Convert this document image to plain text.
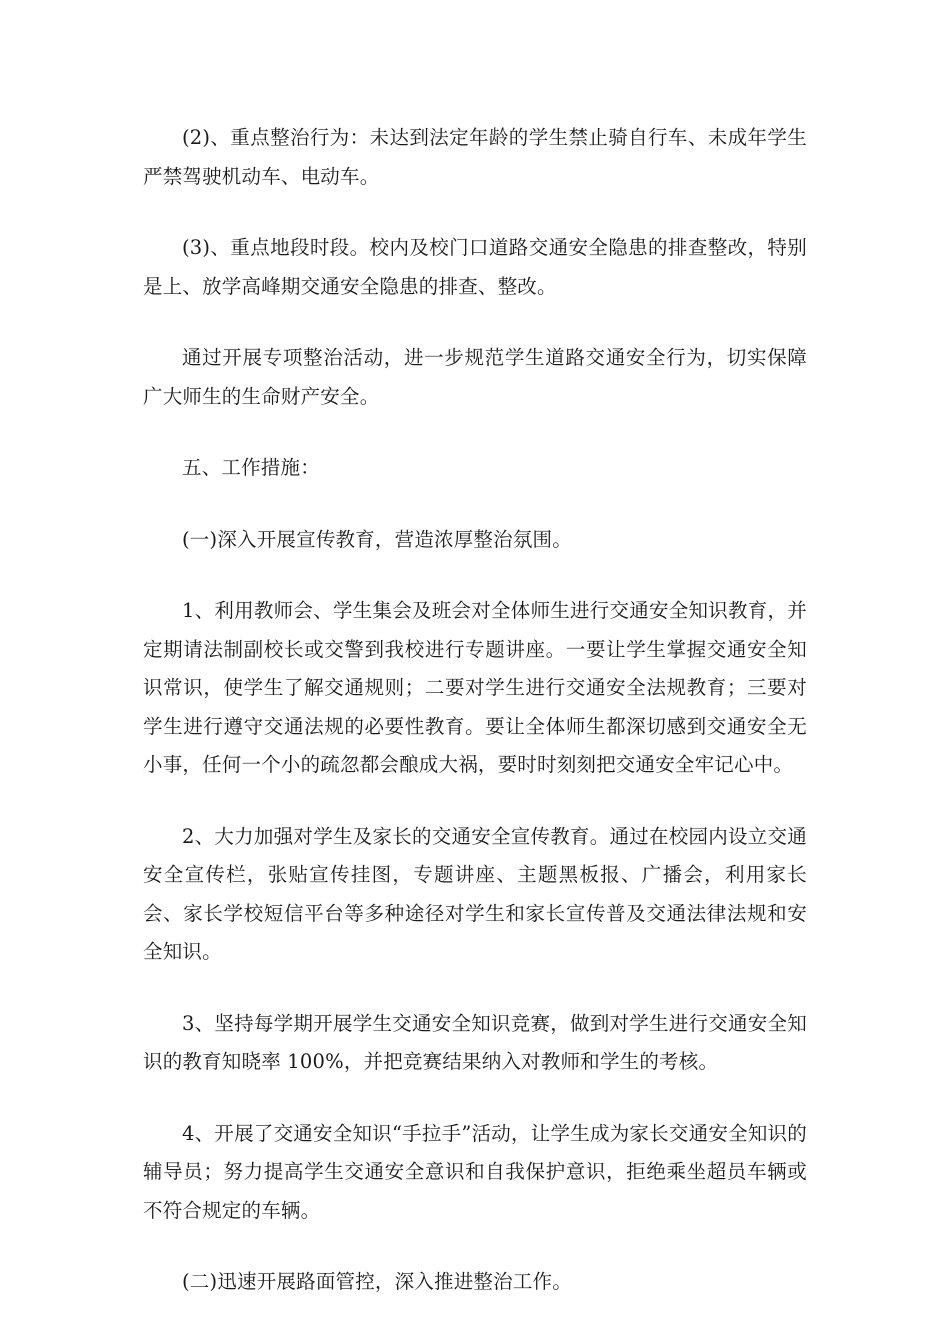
(2)、重点整治行为：未达到法定年龄的学生禁止骑自行车、未成年学生严禁驾驶机动车、电动车。

(3)、重点地段时段。校内及校门口道路交通安全隐患的排查整改，特别是上、放学高峰期交通安全隐患的排查、整改。

通过开展专项整治活动，进一步规范学生道路交通安全行为，切实保障广大师生的生命财产安全。

五、工作措施：

(一)深入开展宣传教育，营造浓厚整治氛围。

1、利用教师会、学生集会及班会对全体师生进行交通安全知识教育，并定期请法制副校长或交警到我校进行专题讲座。一要让学生掌握交通安全知识常识，使学生了解交通规则；二要对学生进行交通安全法规教育；三要对学生进行遵守交通法规的必要性教育。要让全体师生都深切感到交通安全无小事，任何一个小的疏忽都会酿成大祸，要时时刻刻把交通安全牢记心中。

2、大力加强对学生及家长的交通安全宣传教育。通过在校园内设立交通安全宣传栏，张贴宣传挂图，专题讲座、主题黑板报、广播会，利用家长会、家长学校短信平台等多种途径对学生和家长宣传普及交通法律法规和安全知识。

3、坚持每学期开展学生交通安全知识竞赛，做到对学生进行交通安全知识的教育知晓率 100%，并把竞赛结果纳入对教师和学生的考核。

4、开展了交通安全知识“手拉手”活动，让学生成为家长交通安全知识的辅导员；努力提高学生交通安全意识和自我保护意识，拒绝乘坐超员车辆或不符合规定的车辆。

(二)迅速开展路面管控，深入推进整治工作。
